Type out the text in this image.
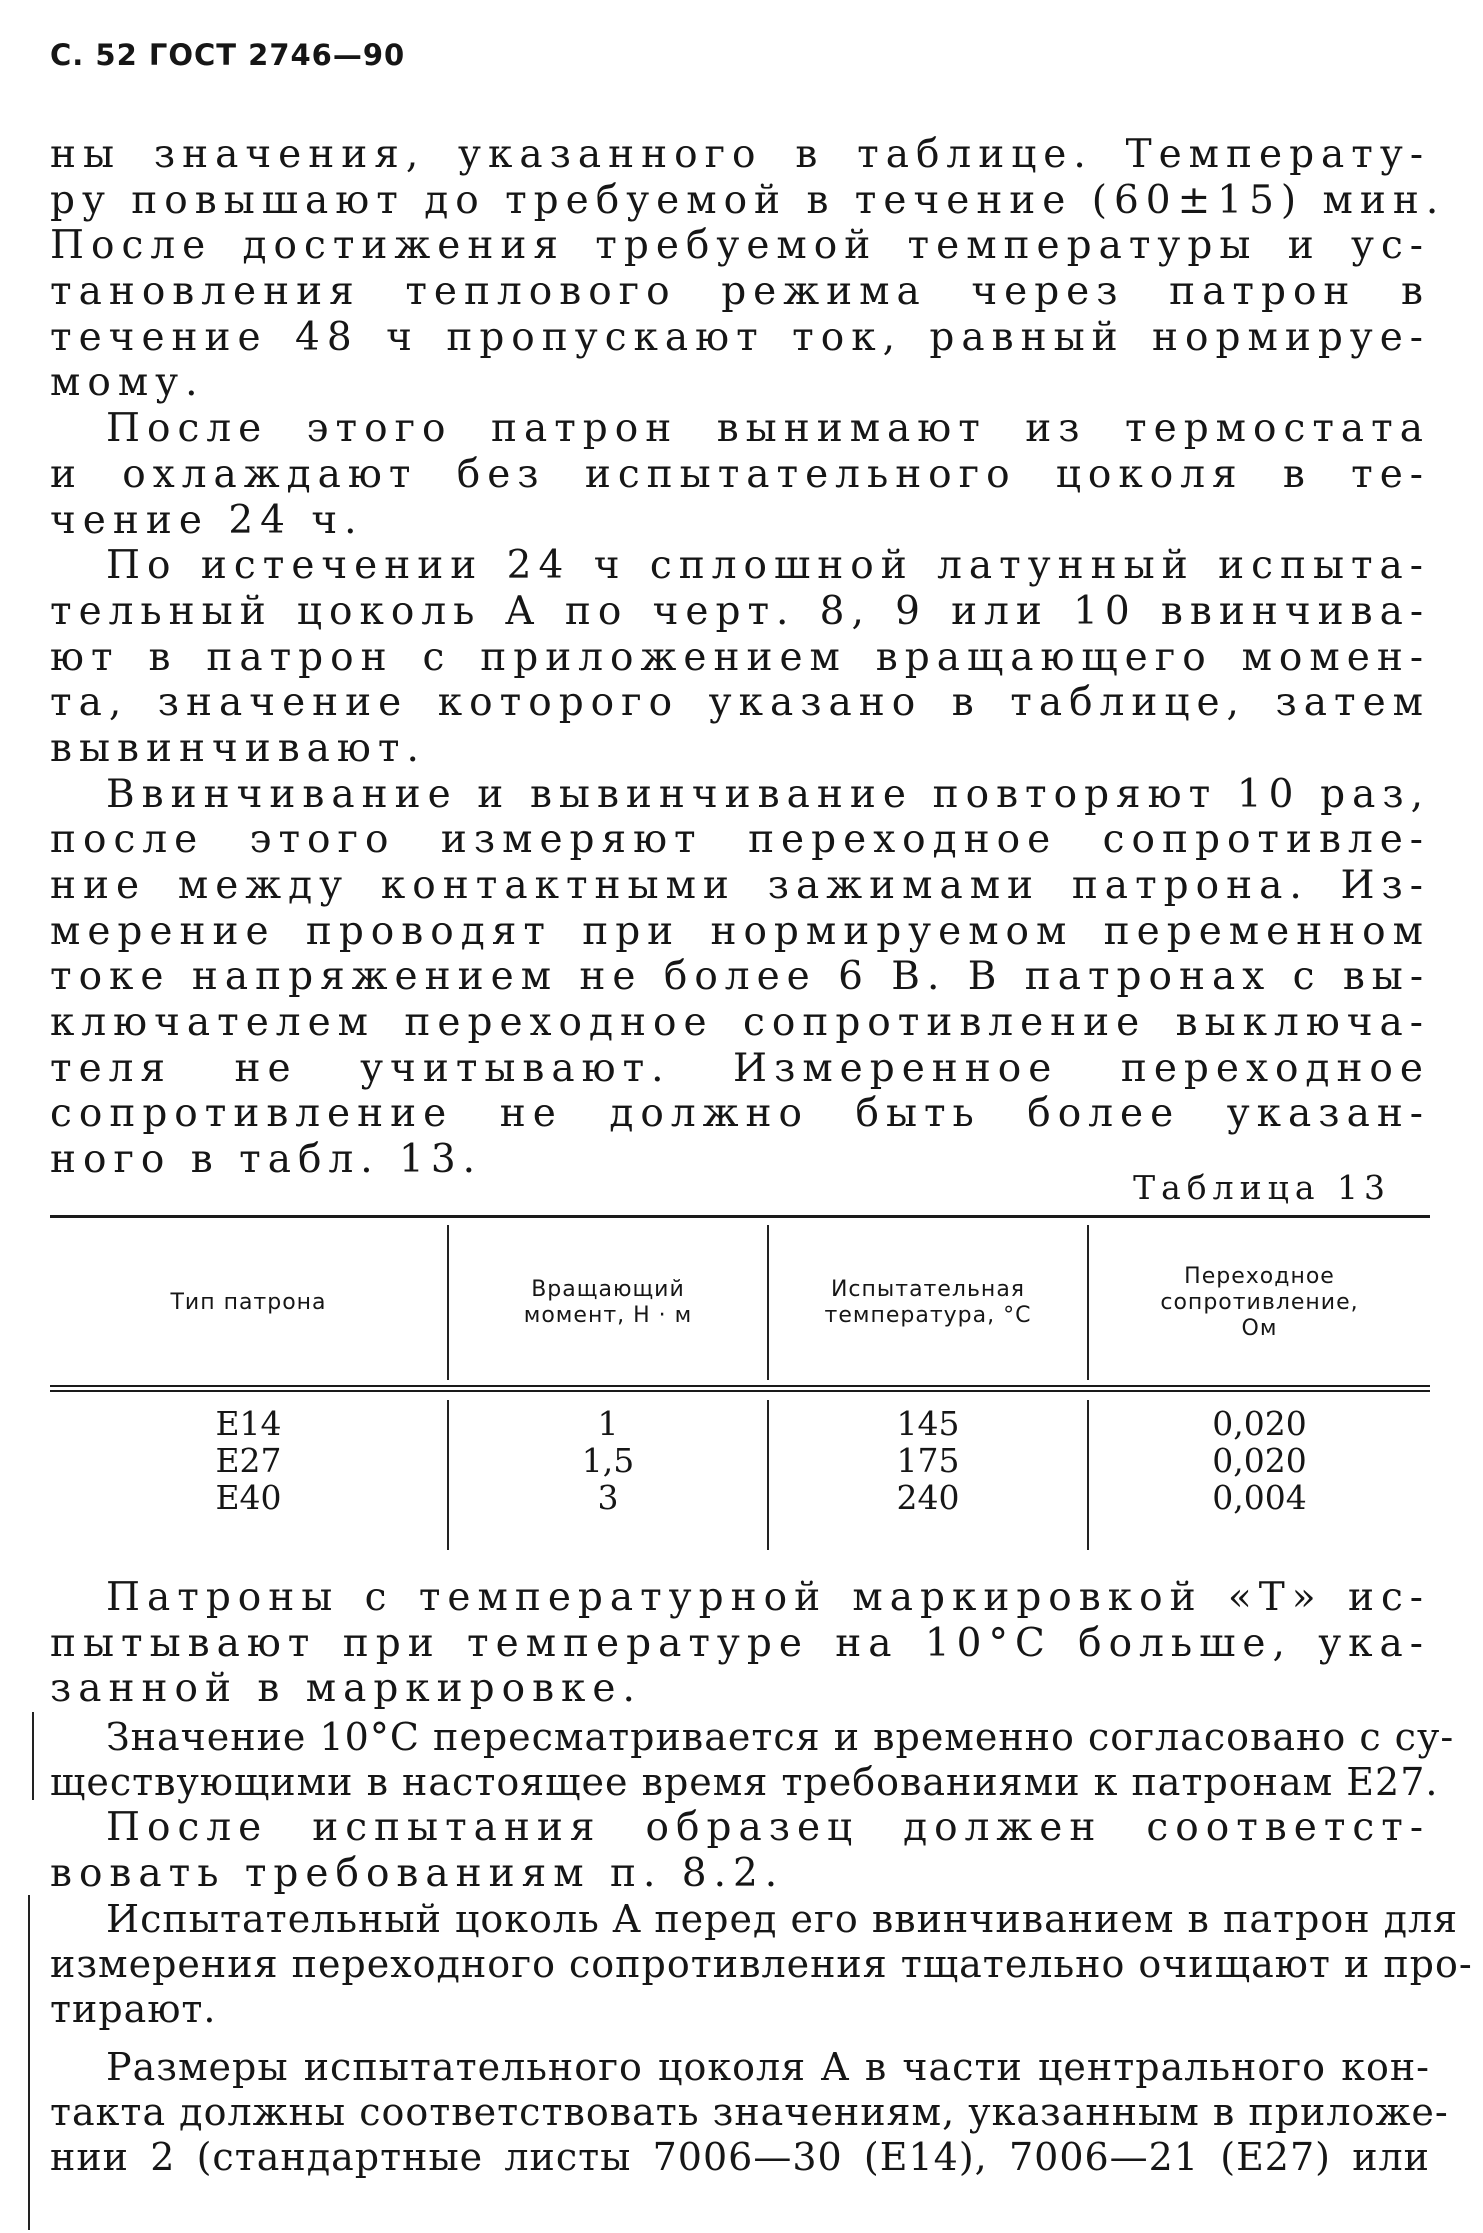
С. 52 ГОСТ 2746—90
ны значения, указанного в таблице. Температу-
ру повышают до требуемой в течение (60±15) мин.
После достижения требуемой температуры и ус-
тановления теплового режима через патрон в
течение 48 ч пропускают ток, равный нормируе-
мому.
После этого патрон вынимают из термостата
и охлаждают без испытательного цоколя в те-
чение 24 ч.
По истечении 24 ч сплошной латунный испыта-
тельный цоколь A по черт. 8, 9 или 10 ввинчива-
ют в патрон с приложением вращающего момен-
та, значение которого указано в таблице, затем
вывинчивают.
Ввинчивание и вывинчивание повторяют 10 раз,
после этого измеряют переходное сопротивле-
ние между контактными зажимами патрона. Из-
мерение проводят при нормируемом переменном
токе напряжением не более 6 В. В патронах с вы-
ключателем переходное сопротивление выключа-
теля не учитывают. Измеренное переходное
сопротивление не должно быть более указан-
ного в табл. 13.
Таблица 13
Тип патрона
Вращающий
момент, Н · м
Испытательная
температура, °С
Переходное
сопротивление,
Ом
E14
E27
E40
1
1,5
3
145
175
240
0,020
0,020
0,004
Патроны с температурной маркировкой «Т» ис-
пытывают при температуре на 10°С больше, ука-
занной в маркировке.
Значение 10°С пересматривается и временно согласовано с су-
ществующими в настоящее время требованиями к патронам E27.
После испытания образец должен соответст-
вовать требованиям п. 8.2.
Испытательный цоколь A перед его ввинчиванием в патрон для
измерения переходного сопротивления тщательно очищают и про-
тирают.
Размеры испытательного цоколя A в части центрального кон-
такта должны соответствовать значениям, указанным в приложе-
нии 2 (стандартные листы 7006—30 (E14), 7006—21 (E27) или
